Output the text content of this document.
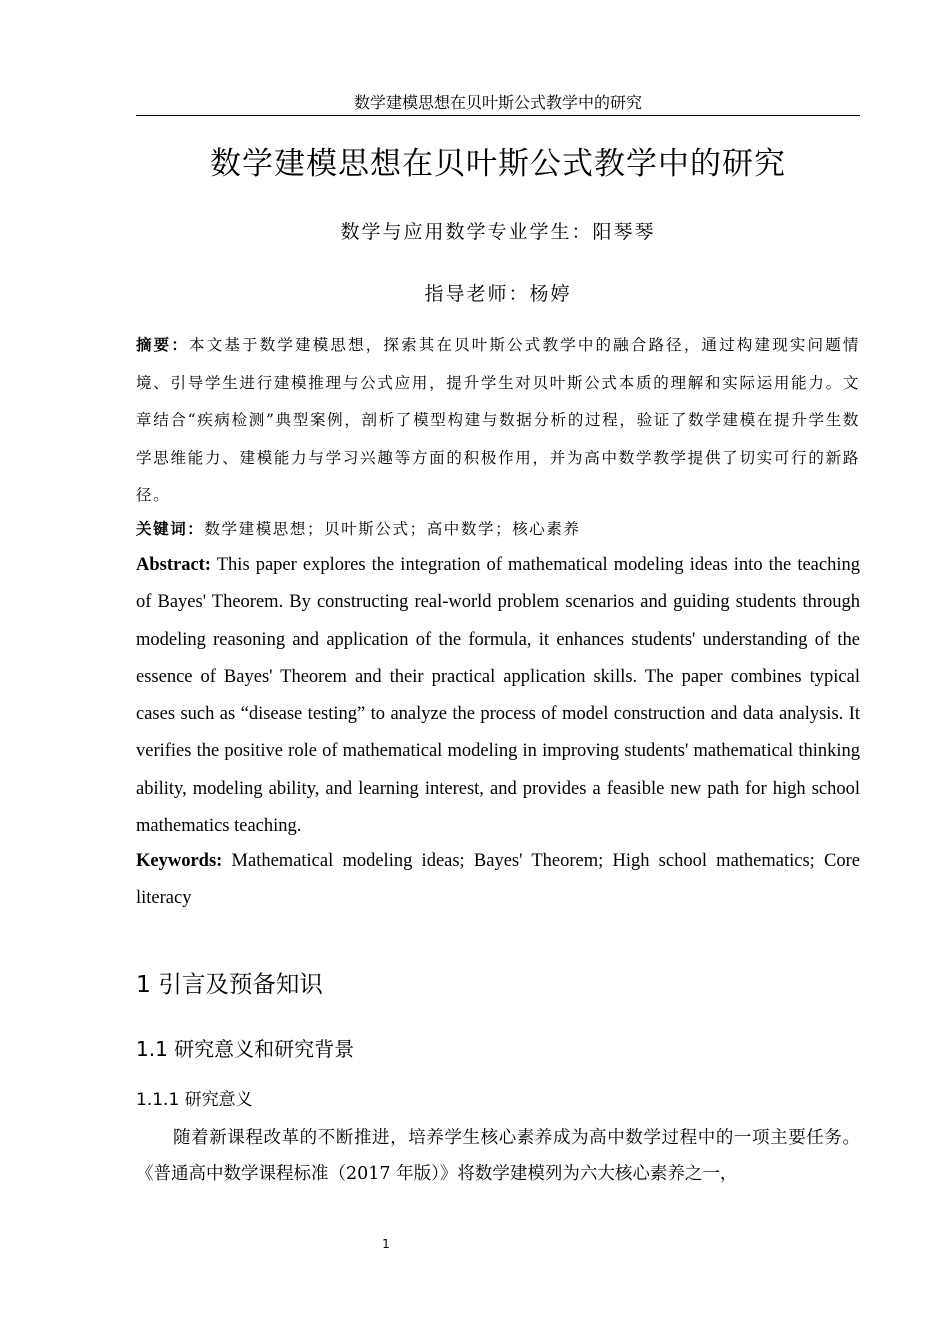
数学建模思想在贝叶斯公式教学中的研究
数学建模思想在贝叶斯公式教学中的研究
数学与应用数学专业学生：阳琴琴
指导老师：杨婷

摘要：本文基于数学建模思想，探索其在贝叶斯公式教学中的融合路径，通过构建现实问题情境、引导学生进行建模推理与公式应用，提升学生对贝叶斯公式本质的理解和实际运用能力。文章结合“疾病检测”典型案例，剖析了模型构建与数据分析的过程，验证了数学建模在提升学生数学思维能力、建模能力与学习兴趣等方面的积极作用，并为高中数学教学提供了切实可行的新路径。

关键词：数学建模思想；贝叶斯公式；高中数学；核心素养

Abstract: This paper explores the integration of mathematical modeling ideas into the teaching of Bayes' Theorem. By constructing real-world problem scenarios and guiding students through modeling reasoning and application of the formula, it enhances students' understanding of the essence of Bayes' Theorem and their practical application skills. The paper combines typical cases such as “disease testing” to analyze the process of model construction and data analysis. It verifies the positive role of mathematical modeling in improving students' mathematical thinking ability, modeling ability, and learning interest, and provides a feasible new path for high school mathematics teaching.

Keywords: Mathematical modeling ideas; Bayes' Theorem; High school mathematics; Core literacy

1 引言及预备知识
1.1 研究意义和研究背景
1.1.1 研究意义

随着新课程改革的不断推进，培养学生核心素养成为高中数学过程中的一项主要任务。《普通高中数学课程标准（2017 年版）》将数学建模列为六大核心素养之一，

1
